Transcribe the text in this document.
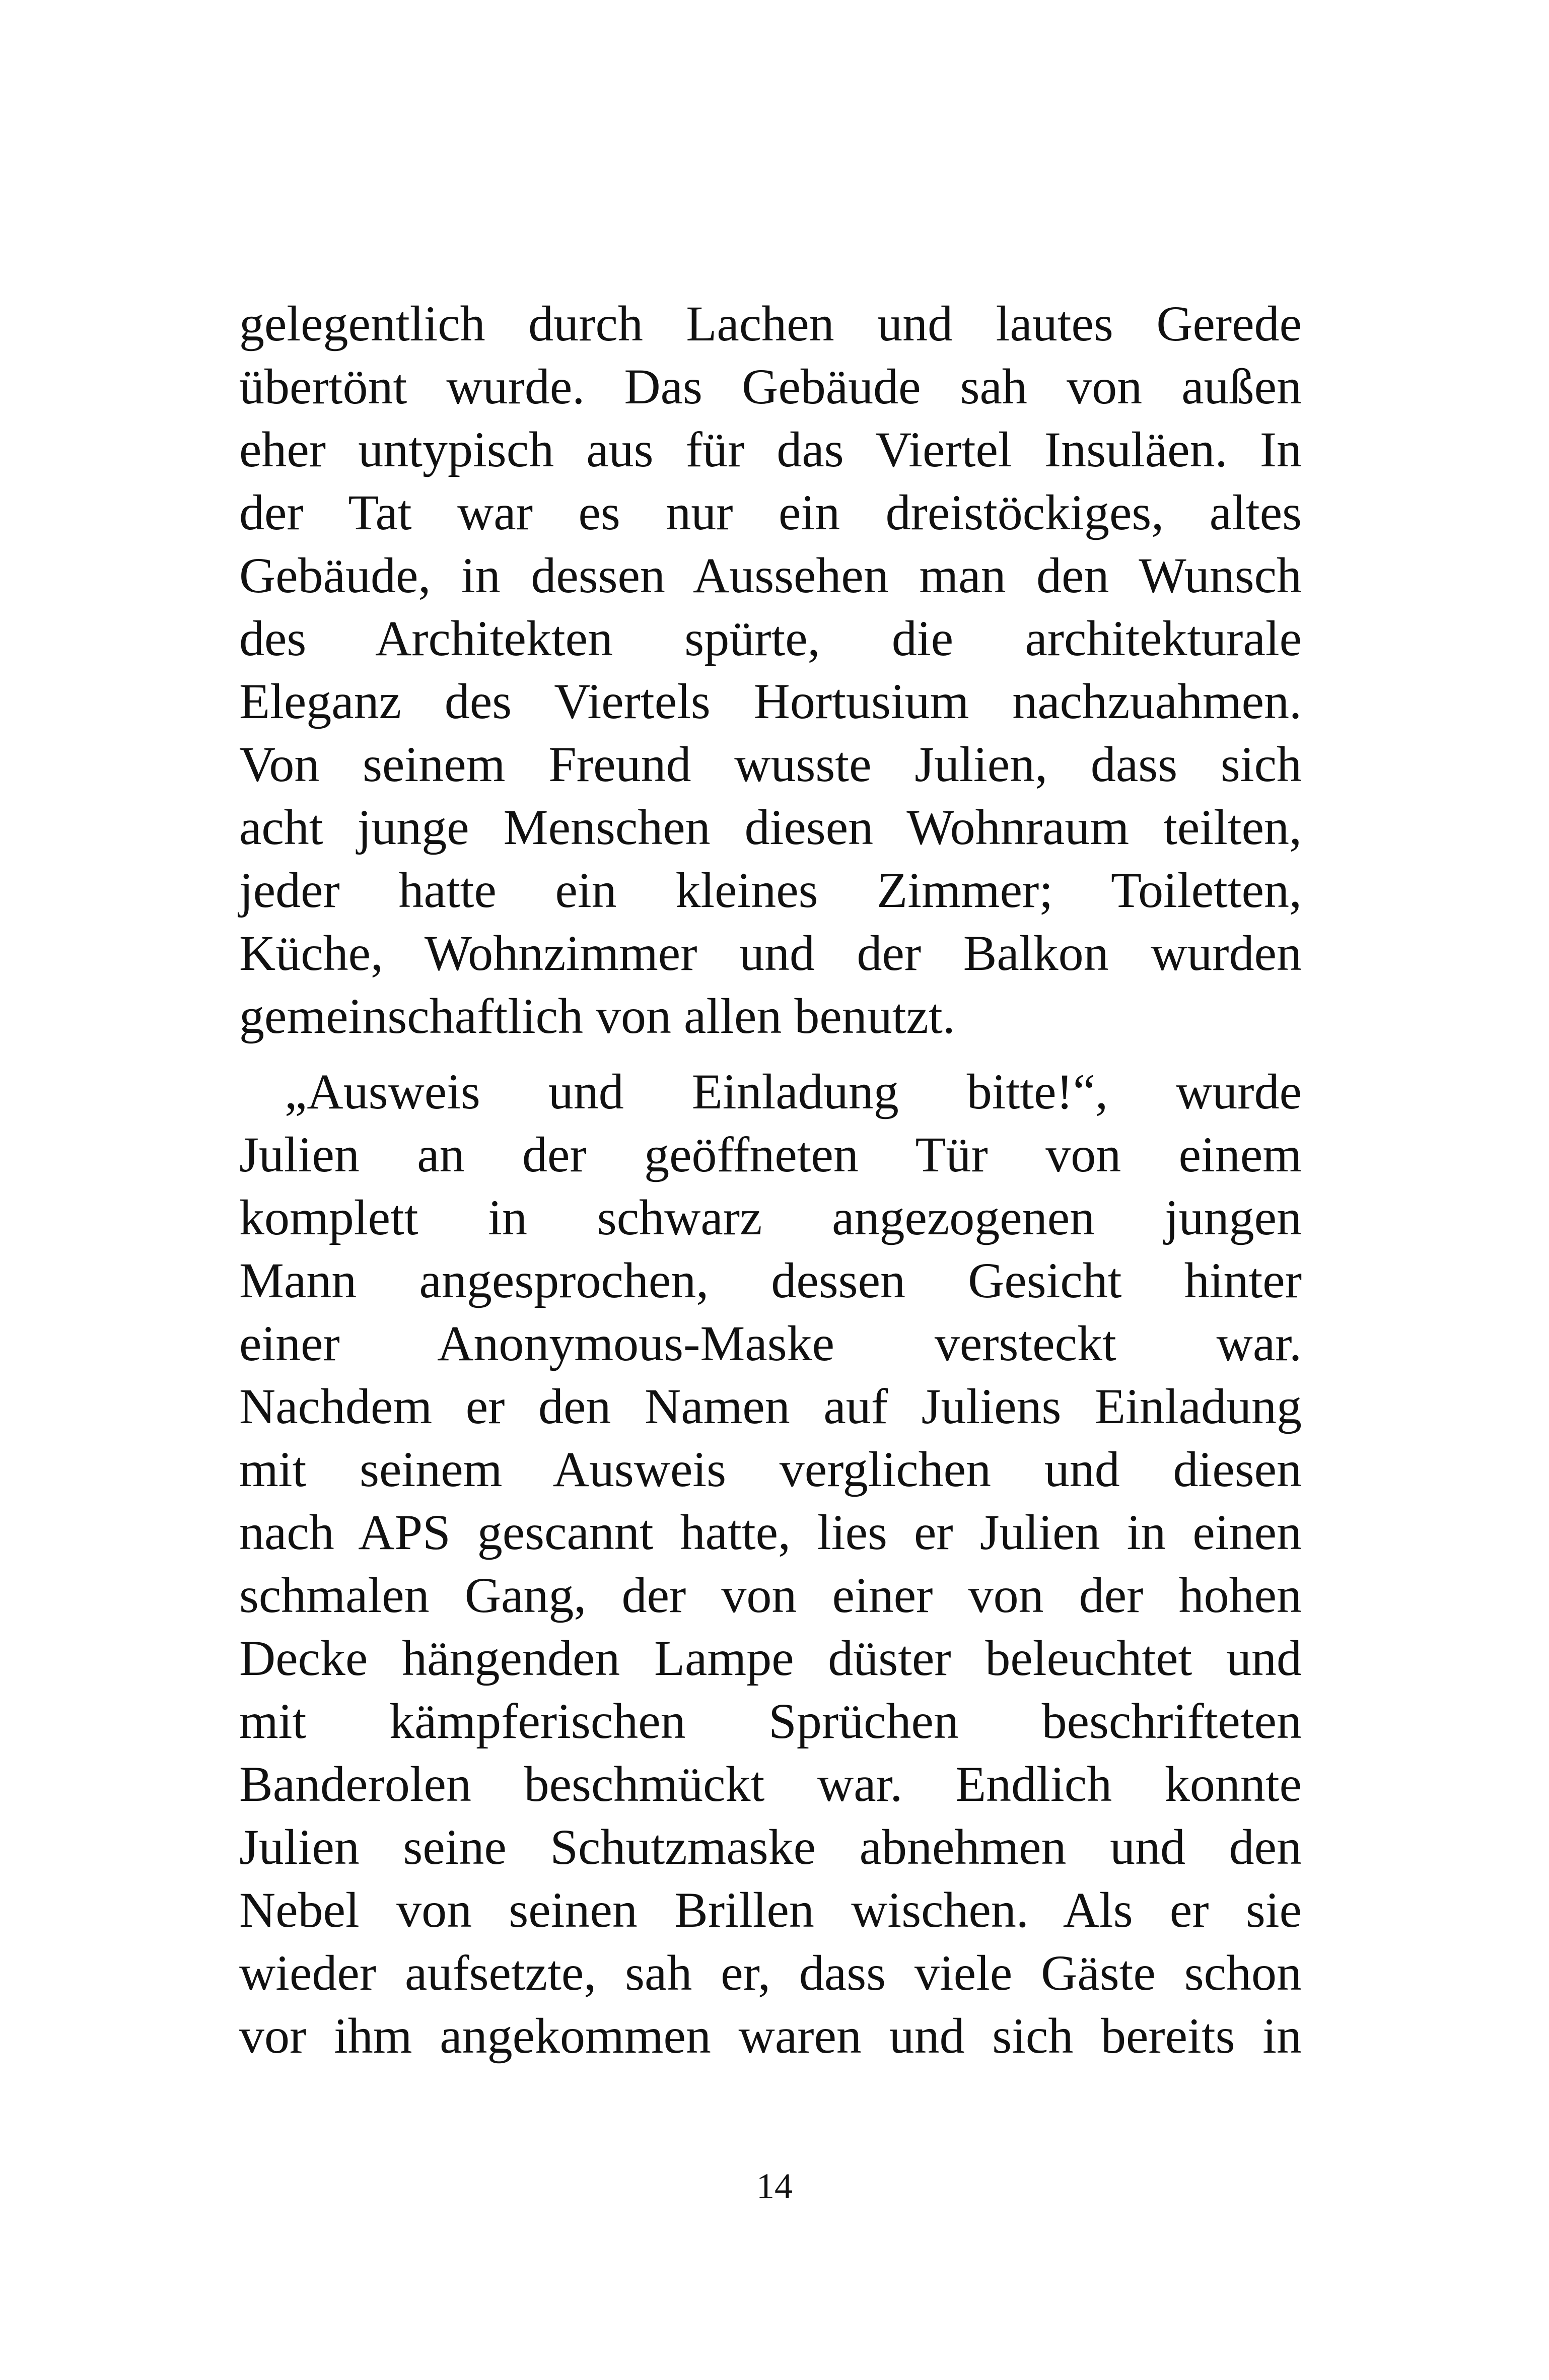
gelegentlich durch Lachen und lautes Gerede
übertönt wurde. Das Gebäude sah von außen
eher untypisch aus für das Viertel Insuläen. In
der Tat war es nur ein dreistöckiges, altes
Gebäude, in dessen Aussehen man den Wunsch
des Architekten spürte, die architekturale
Eleganz des Viertels Hortusium nachzuahmen.
Von seinem Freund wusste Julien, dass sich
acht junge Menschen diesen Wohnraum teilten,
jeder hatte ein kleines Zimmer; Toiletten,
Küche, Wohnzimmer und der Balkon wurden
gemeinschaftlich von allen benutzt.
„Ausweis und Einladung bitte!“, wurde
Julien an der geöffneten Tür von einem
komplett in schwarz angezogenen jungen
Mann angesprochen, dessen Gesicht hinter
einer Anonymous-Maske versteckt war.
Nachdem er den Namen auf Juliens Einladung
mit seinem Ausweis verglichen und diesen
nach APS gescannt hatte, lies er Julien in einen
schmalen Gang, der von einer von der hohen
Decke hängenden Lampe düster beleuchtet und
mit kämpferischen Sprüchen beschrifteten
Banderolen beschmückt war. Endlich konnte
Julien seine Schutzmaske abnehmen und den
Nebel von seinen Brillen wischen. Als er sie
wieder aufsetzte, sah er, dass viele Gäste schon
vor ihm angekommen waren und sich bereits in
14
